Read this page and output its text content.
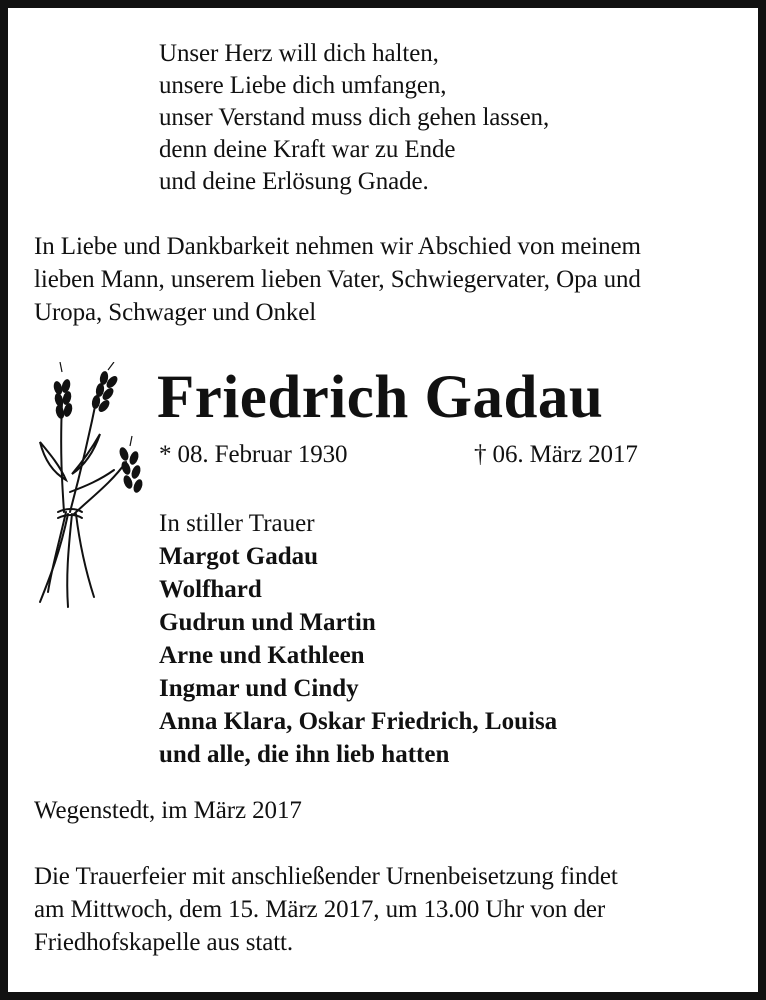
Unser Herz will dich halten,

unsere Liebe dich umfangen,

unser Verstand muss dich gehen lassen,

denn deine Kraft war zu Ende

und deine Erlösung Gnade.

In Liebe und Dankbarkeit nehmen wir Abschied von meinem

lieben Mann, unserem lieben Vater, Schwiegervater, Opa und

Uropa, Schwager und Onkel

Friedrich Gadau

* 08. Februar 1930	† 06. März 2017

In stiller Trauer
Margot Gadau
Wolfhard
Gudrun und Martin
Arne und Kathleen
Ingmar und Cindy
Anna Klara, Oskar Friedrich, Louisa
und alle, die ihn lieb hatten

Wegenstedt, im März 2017

Die Trauerfeier mit anschließender Urnenbeisetzung findet

am Mittwoch, dem 15. März 2017, um 13.00 Uhr von der

Friedhofskapelle aus statt.
